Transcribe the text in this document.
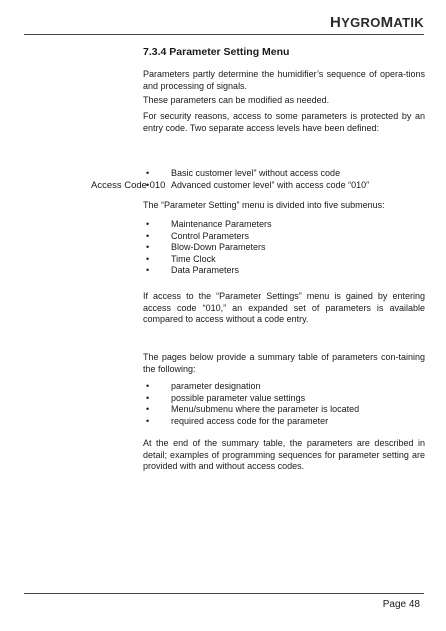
HYGROMATIK
Access Code 010
7.3.4 Parameter Setting Menu

Parameters partly determine the humidifier’s sequence of opera-tions and processing of signals.

These parameters can be modified as needed.

For security reasons, access to some parameters is protected by an entry code. Two separate access levels have been defined:

• Basic customer level” without access code
• Advanced customer level” with access code “010”

The “Parameter Setting” menu is divided into five submenus:

• Maintenance Parameters
• Control Parameters
• Blow-Down Parameters
• Time Clock
• Data Parameters

If access to the “Parameter Settings” menu is gained by entering access code “010,” an expanded set of parameters is available compared to access without a code entry.

The pages below provide a summary table of parameters con-taining the following:

• parameter designation
• possible parameter value settings
• Menu/submenu where the parameter is located
• required access code for the parameter

At the end of the summary table, the parameters are described in detail; examples of programming sequences for parameter setting are provided with and without access codes.

Page 48
